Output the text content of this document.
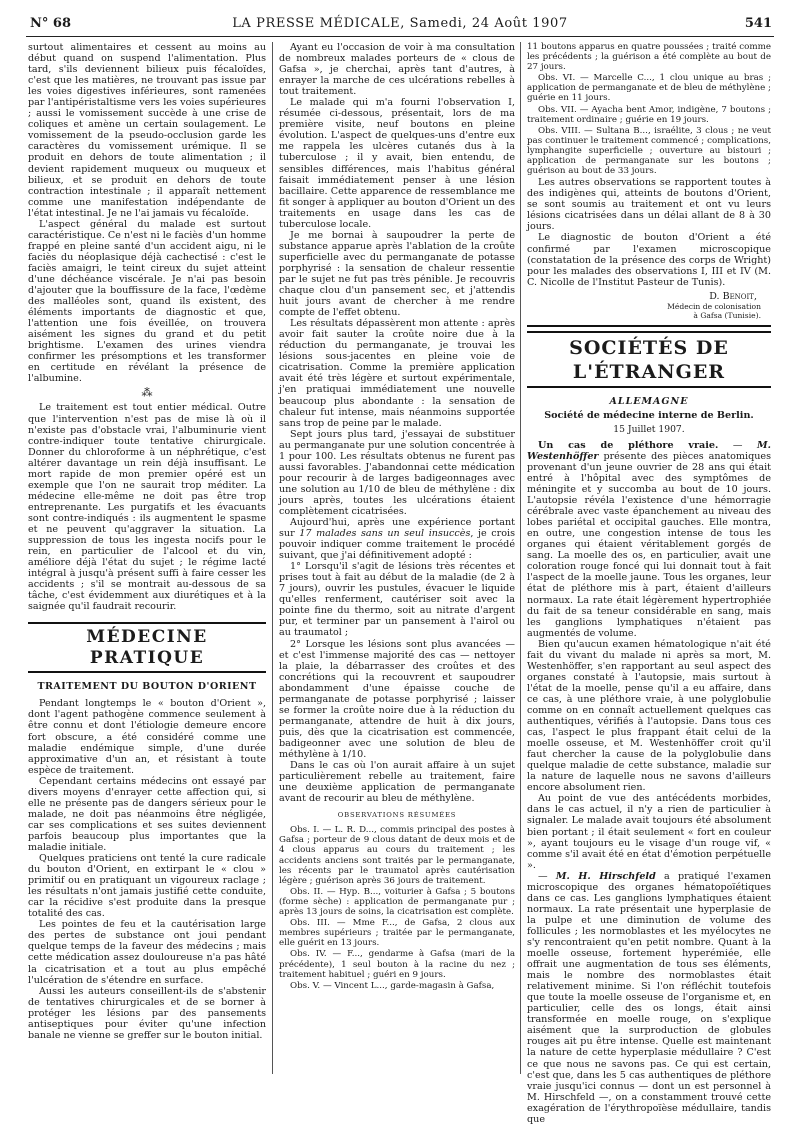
LA PRESSE MÉDICALE, Samedi, 24 Août 1907
N° 68	541

surtout alimentaires et cessent au moins au début quand on suspend l'alimentation. Plus tard, s'ils deviennent bilieux puis fécaloïdes, c'est que les matières, ne trouvant pas issue par les voies digestives inférieures, sont ramenées par l'antipéristaltisme vers les voies supérieures ; aussi le vomissement succède à une crise de coliques et amène un certain soulagement. Le vomissement de la pseudo-occlusion garde les caractères du vomissement urémique. Il se produit en dehors de toute alimentation ; il devient rapidement muqueux ou muqueux et bilieux, et se produit en dehors de toute contraction intestinale ; il apparaît nettement comme une manifestation indépendante de l'état intestinal. Je ne l'ai jamais vu fécaloïde.

L'aspect général du malade est surtout caractéristique. Ce n'est ni le faciès d'un homme frappé en pleine santé d'un accident aigu, ni le faciès du néoplasique déjà cachectisé : c'est le faciès amaigri, le teint cireux du sujet atteint d'une déchéance viscérale. Je n'ai pas besoin d'ajouter que la bouffissure de la face, l'œdème des malléoles sont, quand ils existent, des éléments importants de diagnostic et que, l'attention une fois éveillée, on trouvera aisément les signes du grand et du petit brightisme. L'examen des urines viendra confirmer les présomptions et les transformer en certitude en révélant la présence de l'albumine.

⁂

Le traitement est tout entier médical. Outre que l'intervention n'est pas de mise là où il n'existe pas d'obstacle vrai, l'albuminurie vient contre-indiquer toute tentative chirurgicale. Donner du chloroforme à un néphrétique, c'est altérer davantage un rein déjà insuffisant. Le mort rapide de mon premier opéré est un exemple que l'on ne saurait trop méditer. La médecine elle-même ne doit pas être trop entreprenante. Les purgatifs et les évacuants sont contre-indiqués : ils augmentent le spasme et ne peuvent qu'aggraver la situation. La suppression de tous les ingesta nocifs pour le rein, en particulier de l'alcool et du vin, améliore déjà l'état du sujet ; le régime lacté intégral à jusqu'à présent suffi à faire cesser les accidents ; s'il se montrait au-dessous de sa tâche, c'est évidemment aux diurétiques et à la saignée qu'il faudrait recourir.

MÉDECINE PRATIQUE
TRAITEMENT DU BOUTON D'ORIENT

Pendant longtemps le « bouton d'Orient », dont l'agent pathogène commence seulement à être connu et dont l'étiologie demeure encore fort obscure, a été considéré comme une maladie endémique simple, d'une durée approximative d'un an, et résistant à toute espèce de traitement.

Cependant certains médecins ont essayé par divers moyens d'enrayer cette affection qui, si elle ne présente pas de dangers sérieux pour le malade, ne doit pas néanmoins être négligée, car ses complications et ses suites deviennent parfois beaucoup plus importantes que la maladie initiale.

Quelques praticiens ont tenté la cure radicale du bouton d'Orient, en extirpant le « clou » primitif ou en pratiquant un vigoureux raclage ; les résultats n'ont jamais justifié cette conduite, car la récidive s'est produite dans la presque totalité des cas.

Les pointes de feu et la cautérisation large des pertes de substance ont joui pendant quelque temps de la faveur des médecins ; mais cette médication assez douloureuse n'a pas hâté la cicatrisation et a tout au plus empêché l'ulcération de s'étendre en surface.

Aussi les auteurs conseillent-ils de s'abstenir de tentatives chirurgicales et de se borner à protéger les lésions par des pansements antiseptiques pour éviter qu'une infection banale ne vienne se greffer sur le bouton initial.

Ayant eu l'occasion de voir à ma consultation de nombreux malades porteurs de « clous de Gafsa », je cherchai, après tant d'autres, à enrayer la marche de ces ulcérations rebelles à tout traitement.

Le malade qui m'a fourni l'observation I, résumée ci-dessous, présentait, lors de ma première visite, neuf boutons en pleine évolution. L'aspect de quelques-uns d'entre eux me rappela les ulcères cutanés dus à la tuberculose ; il y avait, bien entendu, de sensibles différences, mais l'habitus général faisait immédiatement penser à une lésion bacillaire. Cette apparence de ressemblance me fit songer à appliquer au bouton d'Orient un des traitements en usage dans les cas de tuberculose locale.

Je me bornai à saupoudrer la perte de substance apparue après l'ablation de la croûte superficielle avec du permanganate de potasse porphyrisé : la sensation de chaleur ressentie par le sujet ne fut pas très pénible. Je recouvris chaque clou d'un pansement sec, et j'attendis huit jours avant de chercher à me rendre compte de l'effet obtenu.

Les résultats dépassèrent mon attente : après avoir fait sauter la croûte noire due à la réduction du permanganate, je trouvai les lésions sous-jacentes en pleine voie de cicatrisation. Comme la première application avait été très légère et surtout expérimentale, j'en pratiquai immédiatement une nouvelle beaucoup plus abondante : la sensation de chaleur fut intense, mais néanmoins supportée sans trop de peine par le malade.

Sept jours plus tard, j'essayai de substituer au permanganate pur une solution concentrée à 1 pour 100. Les résultats obtenus ne furent pas aussi favorables. J'abandonnai cette médication pour recourir à de larges badigeonnages avec une solution au 1/10 de bleu de méthylène : dix jours après, toutes les ulcérations étaient complètement cicatrisées.

Aujourd'hui, après une expérience portant sur 17 malades sans un seul insuccès, je crois pouvoir indiquer comme traitement le procédé suivant, que j'ai définitivement adopté :

1° Lorsqu'il s'agit de lésions très récentes et prises tout à fait au début de la maladie (de 2 à 7 jours), ouvrir les pustules, évacuer le liquide qu'elles renferment, cautériser soit avec la pointe fine du thermo, soit au nitrate d'argent pur, et terminer par un pansement à l'airol ou au traumatol ;

2° Lorsque les lésions sont plus avancées — et c'est l'immense majorité des cas — nettoyer la plaie, la débarrasser des croûtes et des concrétions qui la recouvrent et saupoudrer abondamment d'une épaisse couche de permanganate de potasse porphyrisé ; laisser se former la croûte noire due à la réduction du permanganate, attendre de huit à dix jours, puis, dès que la cicatrisation est commencée, badigeonner avec une solution de bleu de méthylène à 1/10.

Dans le cas où l'on aurait affaire à un sujet particulièrement rebelle au traitement, faire une deuxième application de permanganate avant de recourir au bleu de méthylène.

OBSERVATIONS RÉSUMÉES

Obs. I. — L. R. D..., commis principal des postes à Gafsa ; porteur de 9 clous datant de deux mois et de 4 clous apparus au cours du traitement ; les accidents anciens sont traités par le permanganate, les récents par le traumatol après cautérisation légère ; guérison après 36 jours de traitement.

Obs. II. — Hyp. B..., voiturier à Gafsa ; 5 boutons (forme sèche) : application de permanganate pur ; après 13 jours de soins, la cicatrisation est complète.

Obs. III. — Mme F..., de Gafsa, 2 clous aux membres supérieurs ; traitée par le permanganate, elle guérit en 13 jours.

Obs. IV. — F..., gendarme à Gafsa (mari de la précédente), 1 seul bouton à la racine du nez ; traitement habituel ; guéri en 9 jours.

Obs. V. — Vincent L..., garde-magasin à Gafsa,

11 boutons apparus en quatre poussées ; traité comme les précédents ; la guérison a été complète au bout de 27 jours.

Obs. VI. — Marcelle C..., 1 clou unique au bras ; application de permanganate et de bleu de méthylène ; guérie en 11 jours.

Obs. VII. — Ayacha bent Amor, indigène, 7 boutons ; traitement ordinaire ; guérie en 19 jours.

Obs. VIII. — Sultana B..., israélite, 3 clous ; ne veut pas continuer le traitement commencé ; complications, lymphangite superficielle ; ouverture au bistouri ; application de permanganate sur les boutons ; guérison au bout de 33 jours.

Les autres observations se rapportent toutes à des indigènes qui, atteints de boutons d'Orient, se sont soumis au traitement et ont vu leurs lésions cicatrisées dans un délai allant de 8 à 30 jours.

Le diagnostic de bouton d'Orient a été confirmé par l'examen microscopique (constatation de la présence des corps de Wright) pour les malades des observations I, III et IV (M. C. Nicolle de l'Institut Pasteur de Tunis).

D. Benoit,
Médecin de colonisation
à Gafsa (Tunisie).
SOCIÉTÉS DE L'ÉTRANGER
ALLEMAGNE
Société de médecine interne de Berlin.
15 Juillet 1907.

Un cas de pléthore vraie. — M. Westenhöffer présente des pièces anatomiques provenant d'un jeune ouvrier de 28 ans qui était entré à l'hôpital avec des symptômes de méningite et y succomba au bout de 10 jours. L'autopsie révéla l'existence d'une hémorragie cérébrale avec vaste épanchement au niveau des lobes pariétal et occipital gauches. Elle montra, en outre, une congestion intense de tous les organes qui étaient véritablement gorgés de sang. La moelle des os, en particulier, avait une coloration rouge foncé qui lui donnait tout à fait l'aspect de la moelle jaune. Tous les organes, leur état de pléthore mis à part, étaient d'ailleurs normaux. La rate était légèrement hypertrophiée du fait de sa teneur considérable en sang, mais les ganglions lymphatiques n'étaient pas augmentés de volume.

Bien qu'aucun examen hématologique n'ait été fait du vivant du malade ni après sa mort, M. Westenhöffer, s'en rapportant au seul aspect des organes constaté à l'autopsie, mais surtout à l'état de la moelle, pense qu'il a eu affaire, dans ce cas, à une pléthore vraie, à une polyglobulie comme on en connaît actuellement quelques cas authentiques, vérifiés à l'autopsie. Dans tous ces cas, l'aspect le plus frappant était celui de la moelle osseuse, et M. Westenhöffer croit qu'il faut chercher la cause de la polyglobulie dans quelque maladie de cette substance, maladie sur la nature de laquelle nous ne savons d'ailleurs encore absolument rien.

Au point de vue des antécédents morbides, dans le cas actuel, il n'y a rien de particulier à signaler. Le malade avait toujours été absolument bien portant ; il était seulement « fort en couleur », ayant toujours eu le visage d'un rouge vif, « comme s'il avait été en état d'émotion perpétuelle ».

— M. H. Hirschfeld a pratiqué l'examen microscopique des organes hématopoïétiques dans ce cas. Les ganglions lymphatiques étaient normaux. La rate présentait une hyperplasie de la pulpe et une diminution de volume des follicules ; les normoblastes et les myélocytes ne s'y rencontraient qu'en petit nombre. Quant à la moelle osseuse, fortement hyperémiée, elle offrait une augmentation de tous ses éléments, mais le nombre des normoblastes était relativement minime. Si l'on réfléchit toutefois que toute la moelle osseuse de l'organisme et, en particulier, celle des os longs, était ainsi transformée en moelle rouge, on s'explique aisément que la surproduction de globules rouges ait pu être intense. Quelle est maintenant la nature de cette hyperplasie médullaire ? C'est ce que nous ne savons pas. Ce qui est certain, c'est que, dans les 5 cas authentiques de pléthore vraie jusqu'ici connus — dont un est personnel à M. Hirschfeld —, on a constamment trouvé cette exagération de l'érythropoïèse médullaire, tandis que
